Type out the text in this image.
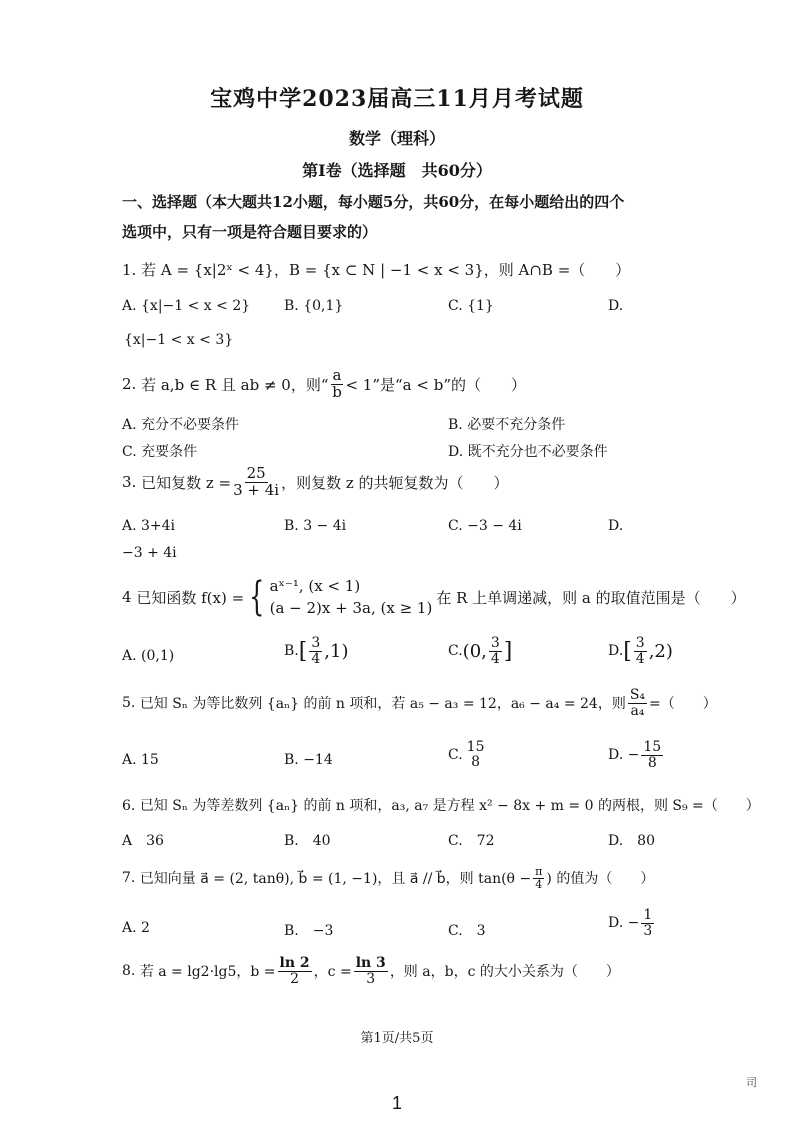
宝鸡中学2023届高三11月月考试题
数学（理科）
第I卷（选择题　共60分）
一、选择题（本大题共12小题，每小题5分，共60分，在每小题给出的四个
选项中，只有一项是符合题目要求的）
1. 若 A = {x|2ˣ < 4}，B = {x ⊂ N | −1 < x < 3}，则 A∩B =（　　）
A. {x|−1 < x < 2} B. {0,1}	C. {1}	D.
{x|−1 < x < 3}
2.
若 a,b ∈ R 且 ab ≠ 0，则“ $\frac{a}{b} < 1$”是“a < b”的（　　）
A. 充分不必要条件	B. 必要不充分条件
C. 充要条件	D. 既不充分也不必要条件
3.
已知复数 $z = \frac{25}{3 + 4i}$ ，则复数 z 的共轭复数为（　　）
A. 3+4i	B. 3 − 4i	C. −3 − 4i	D.
−3 + 4i
4
已知函数 f(x) = { aˣ⁻¹, (x < 1)
(a − 2)x + 3a, (x ≥ 1)
在 R 上单调递减，则 a 的取值范围是（　　）
A. (0,1)	B. [ $\frac{3}{4} ,1$)	C. (0, $\frac{3}{4}$ ]	D. [ $\frac{3}{4} ,2$)
5.
已知 Sₙ 为等比数列 {aₙ} 的前 n 项和，若 a₅ − a₃ = 12，a₆ − a₄ = 24，则 $\frac{\text{S₄}}{\text{a₄}}$ =（　　）
A. 15	B. −14	C. 15
8	D. − $\frac{15}{8}$
6. 已知 Sₙ 为等差数列 {aₙ} 的前 n 项和，a₃, a₇ 是方程 x² − 8x + m = 0 的两根，则 S₉ =（　　）
A　36	B.　40	C.　72	D.　80
7.
已知向量 a⃗ = (2, tanθ), b⃗ = (1, −1)，且 a⃗ // b⃗，则 $\tan(\theta - \frac{\pi}{4}$ ) 的值为（　　）
A. 2	B.　−3	C.　3	D. − $\frac{1}{3}$
8.
若 a = lg2·lg5，$b = \frac{\ln 2}{2}$ ，$c = \frac{\ln 3}{3}$ ，则 a，b，c 的大小关系为（　　）
第1页/共5页
司
1
